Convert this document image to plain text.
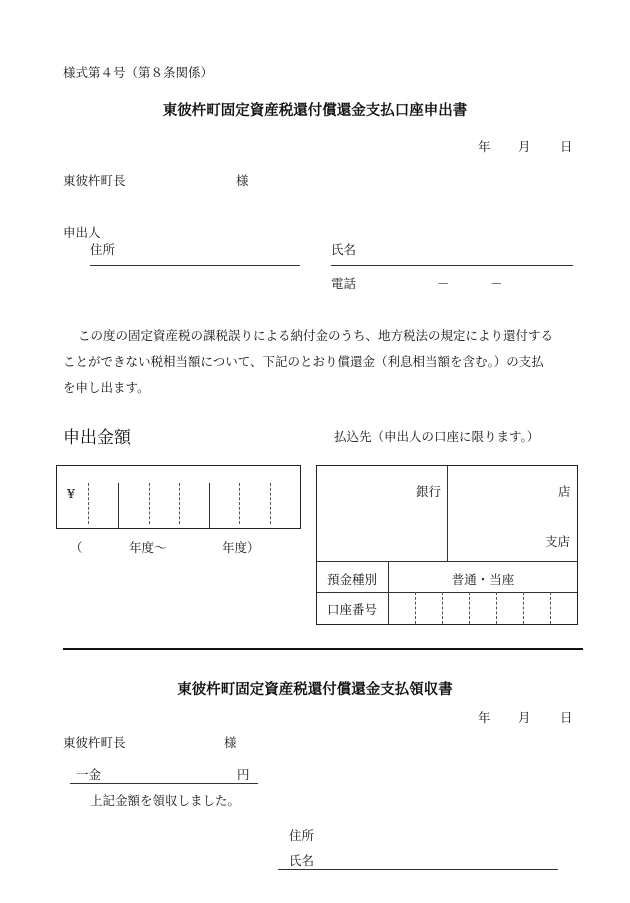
様式第４号（第８条関係）
東彼杵町固定資産税還付償還金支払口座申出書
年 月 日
東彼杵町長	様
申出人
住所	氏名
電話	－	－
この度の固定資産税の課税誤りによる納付金のうち、地方税法の規定により還付する
ことができない税相当額について、下記のとおり償還金（利息相当額を含む。）の支払
を申し出ます。
申出金額	払込先（申出人の口座に限ります。）
¥
（	年度～	年度）
銀行	店
支店
預金種別	普通・当座
口座番号
東彼杵町固定資産税還付償還金支払領収書
年 月 日
東彼杵町長	様
一金	円
上記金額を領収しました。
住所
氏名
